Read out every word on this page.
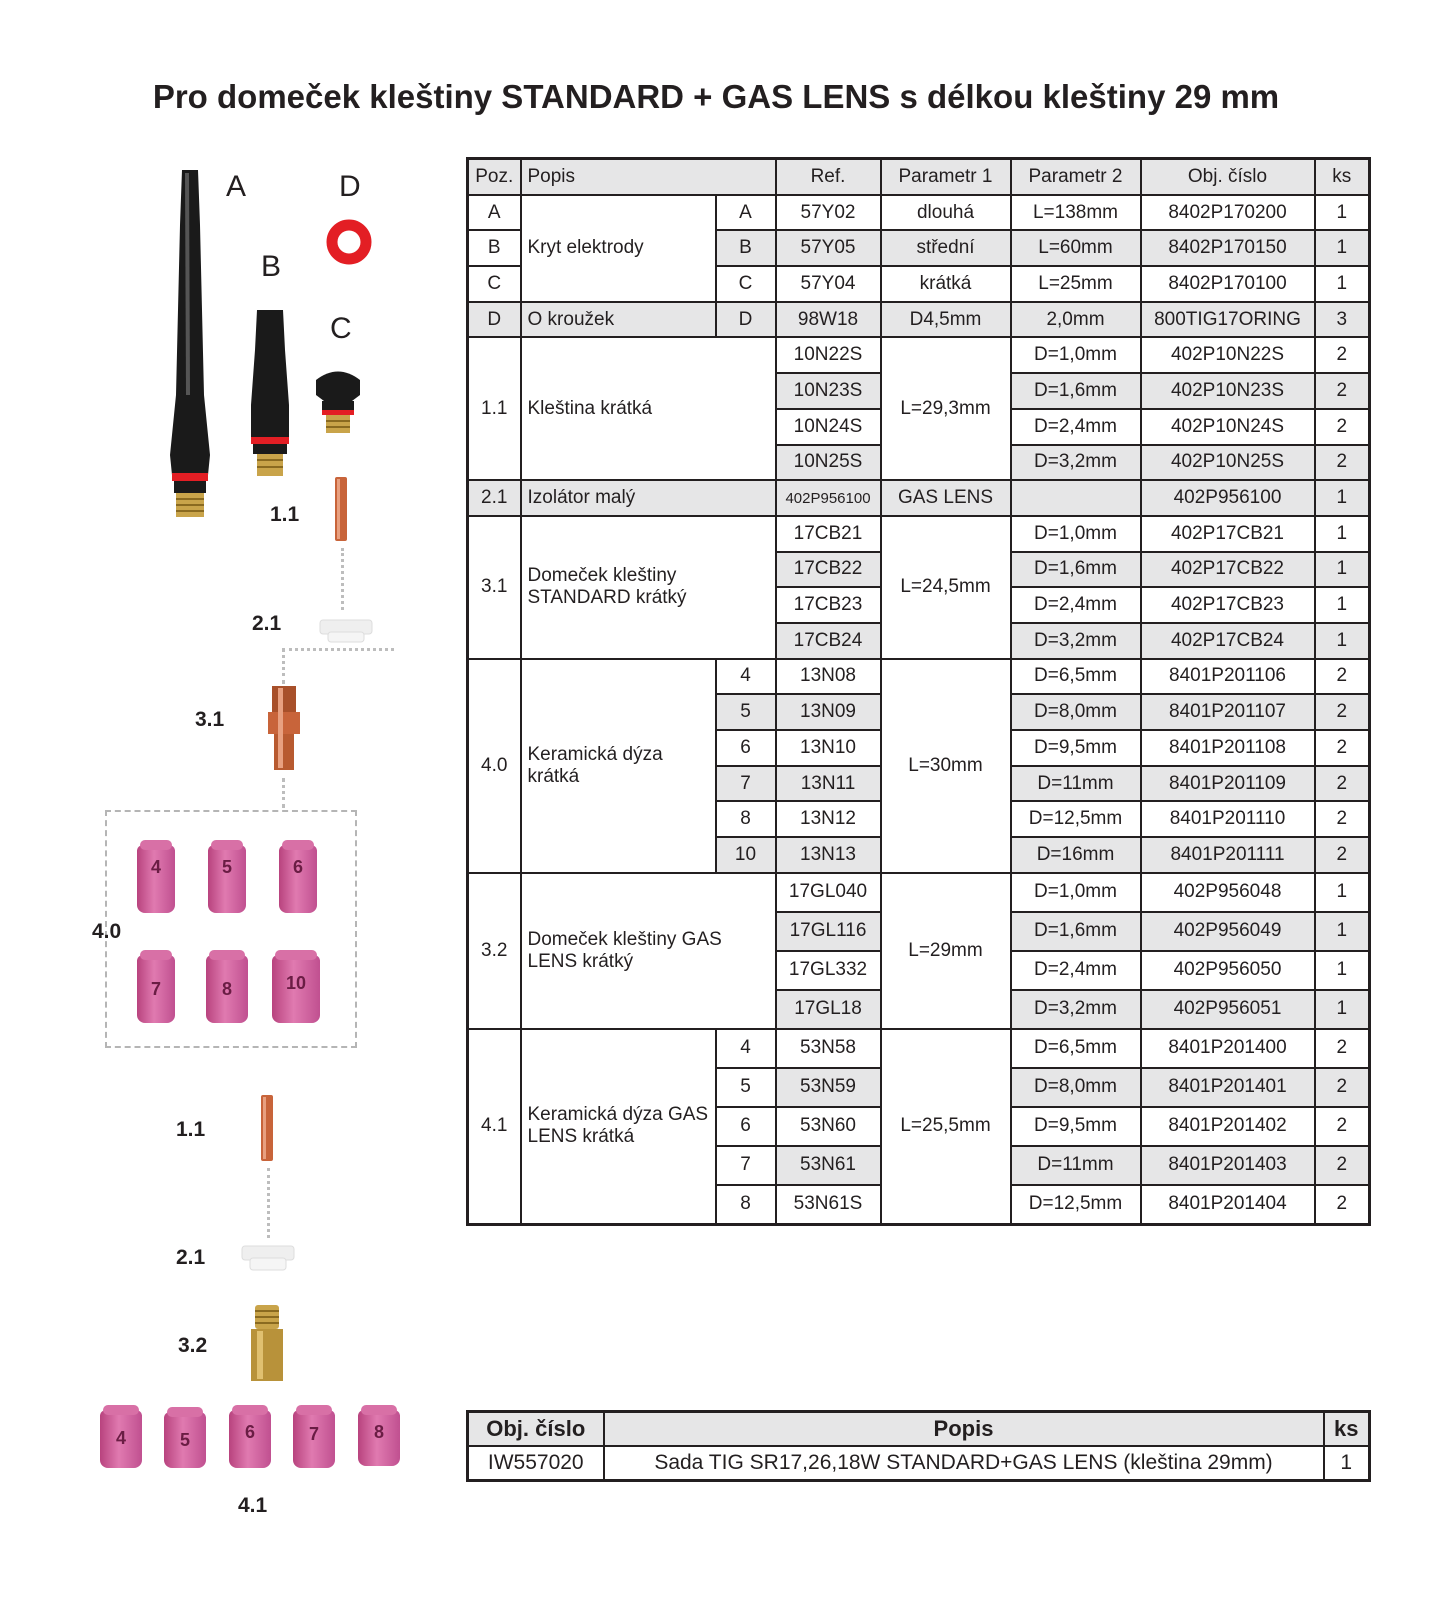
Pro domeček kleštiny STANDARD + GAS LENS s délkou kleštiny 29 mm
A
B
C
D
1.1
2.1
3.1
4.0
4	5	6
7	8	10
1.1
2.1
3.2
4	5	6	7	8
4.1
Poz.	Popis		Ref.	Parametr 1	Parametr 2	Obj. číslo	ks
A	Kryt elektrody	A	57Y02	dlouhá	L=138mm	8402P170200	1
B		B	57Y05	střední	L=60mm	8402P170150	1
C		C	57Y04	krátká	L=25mm	8402P170100	1
D	O kroužek	D	98W18	D4,5mm	2,0mm	800TIG17ORING	3
1.1	Kleština krátká		10N22S	L=29,3mm	D=1,0mm	402P10N22S	2
			10N23S		D=1,6mm	402P10N23S	2
			10N24S		D=2,4mm	402P10N24S	2
			10N25S		D=3,2mm	402P10N25S	2
2.1	Izolátor malý		402P956100	GAS LENS		402P956100	1
3.1	Domeček kleštiny STANDARD krátký		17CB21	L=24,5mm	D=1,0mm	402P17CB21	1
			17CB22		D=1,6mm	402P17CB22	1
			17CB23		D=2,4mm	402P17CB23	1
			17CB24		D=3,2mm	402P17CB24	1
4.0	Keramická dýza krátká	4	13N08	L=30mm	D=6,5mm	8401P201106	2
		5	13N09		D=8,0mm	8401P201107	2
		6	13N10		D=9,5mm	8401P201108	2
		7	13N11		D=11mm	8401P201109	2
		8	13N12		D=12,5mm	8401P201110	2
		10	13N13		D=16mm	8401P201111	2
3.2	Domeček kleštiny GAS LENS krátký		17GL040	L=29mm	D=1,0mm	402P956048	1
			17GL116		D=1,6mm	402P956049	1
			17GL332		D=2,4mm	402P956050	1
			17GL18		D=3,2mm	402P956051	1
4.1	Keramická dýza GAS LENS krátká	4	53N58	L=25,5mm	D=6,5mm	8401P201400	2
		5	53N59		D=8,0mm	8401P201401	2
		6	53N60		D=9,5mm	8401P201402	2
		7	53N61		D=11mm	8401P201403	2
		8	53N61S		D=12,5mm	8401P201404	2
Obj. číslo	Popis	ks
IW557020	Sada TIG SR17,26,18W STANDARD+GAS LENS (kleština 29mm)	1
